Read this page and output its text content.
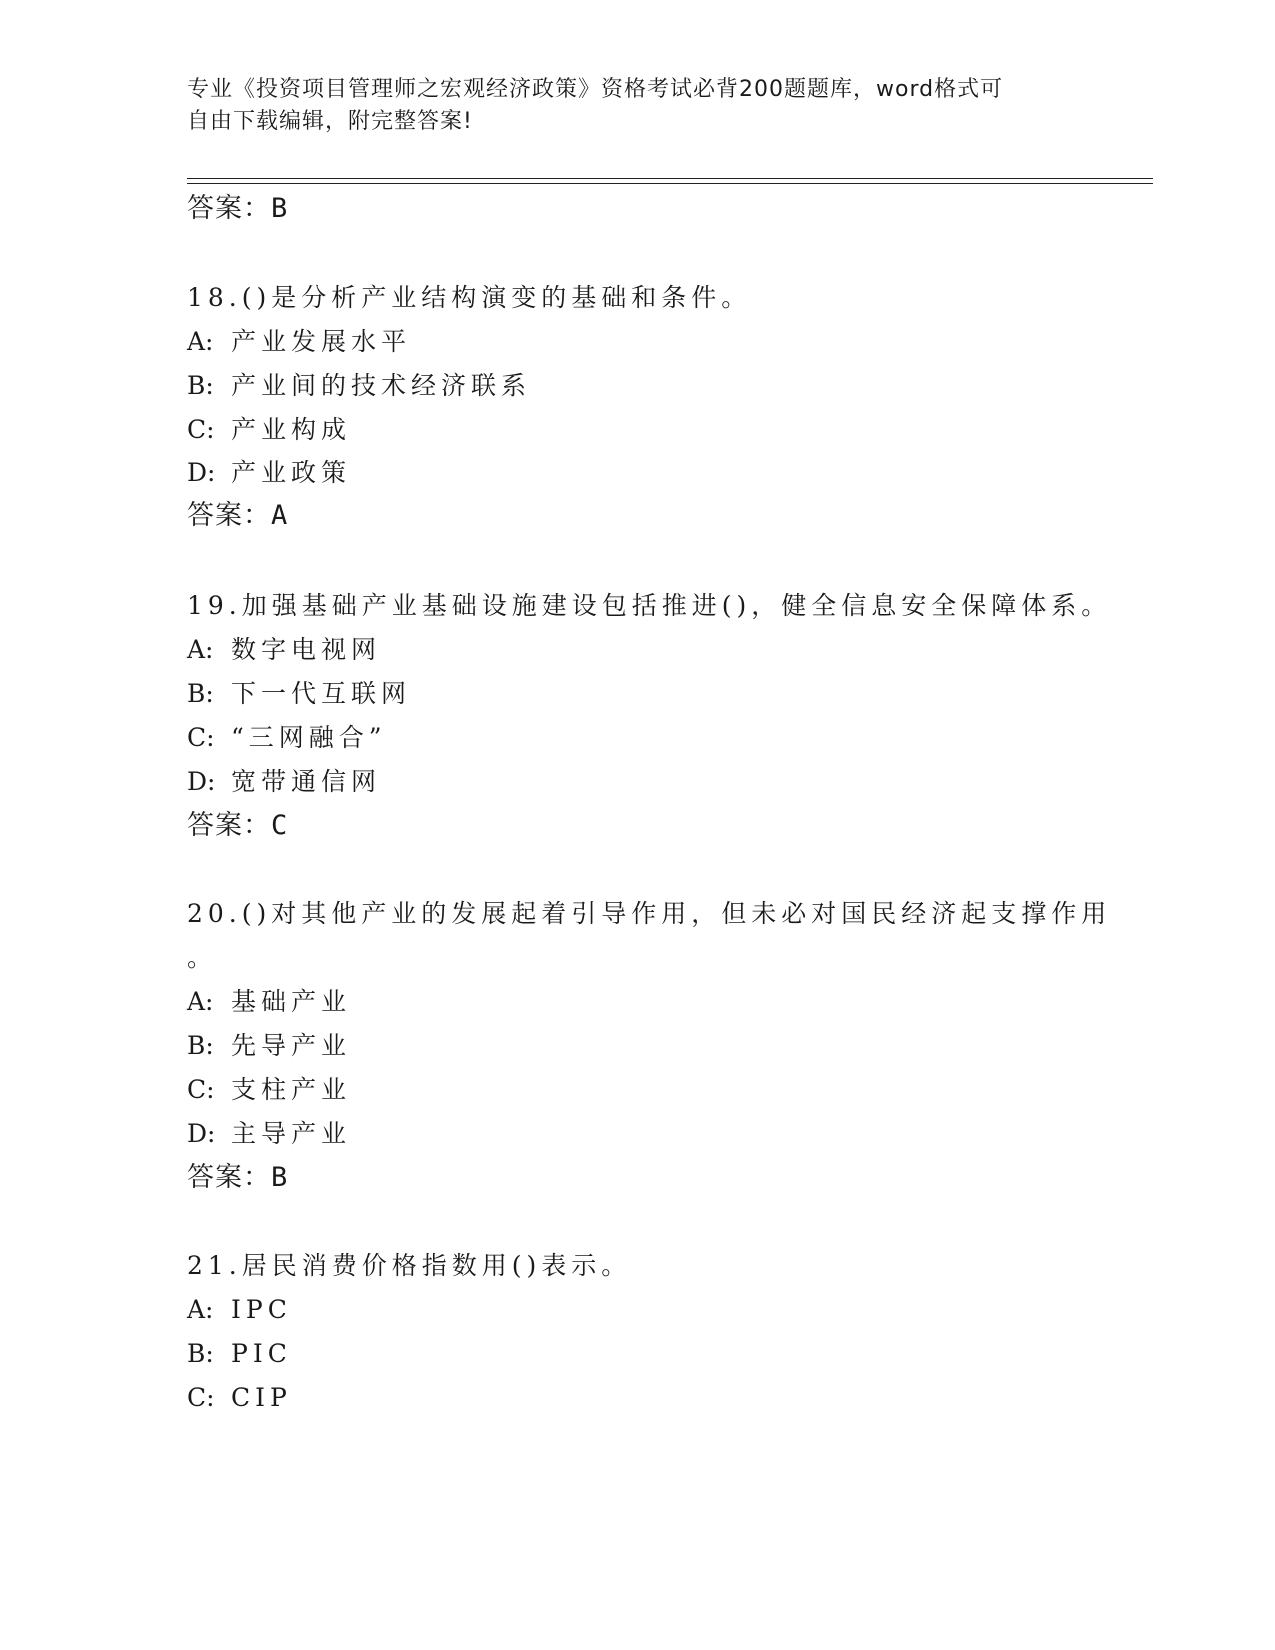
专业《投资项目管理师之宏观经济政策》资格考试必背200题题库，word格式可
自由下载编辑，附完整答案!
答案：B
18.()是分析产业结构演变的基础和条件。
A: 产业发展水平
B: 产业间的技术经济联系
C: 产业构成
D: 产业政策
答案：A
19.加强基础产业基础设施建设包括推进()，健全信息安全保障体系。
A: 数字电视网
B: 下一代互联网
C: “三网融合”
D: 宽带通信网
答案：C
20.()对其他产业的发展起着引导作用，但未必对国民经济起支撑作用
。
A: 基础产业
B: 先导产业
C: 支柱产业
D: 主导产业
答案：B
21.居民消费价格指数用()表示。
A: IPC
B: PIC
C: CIP
